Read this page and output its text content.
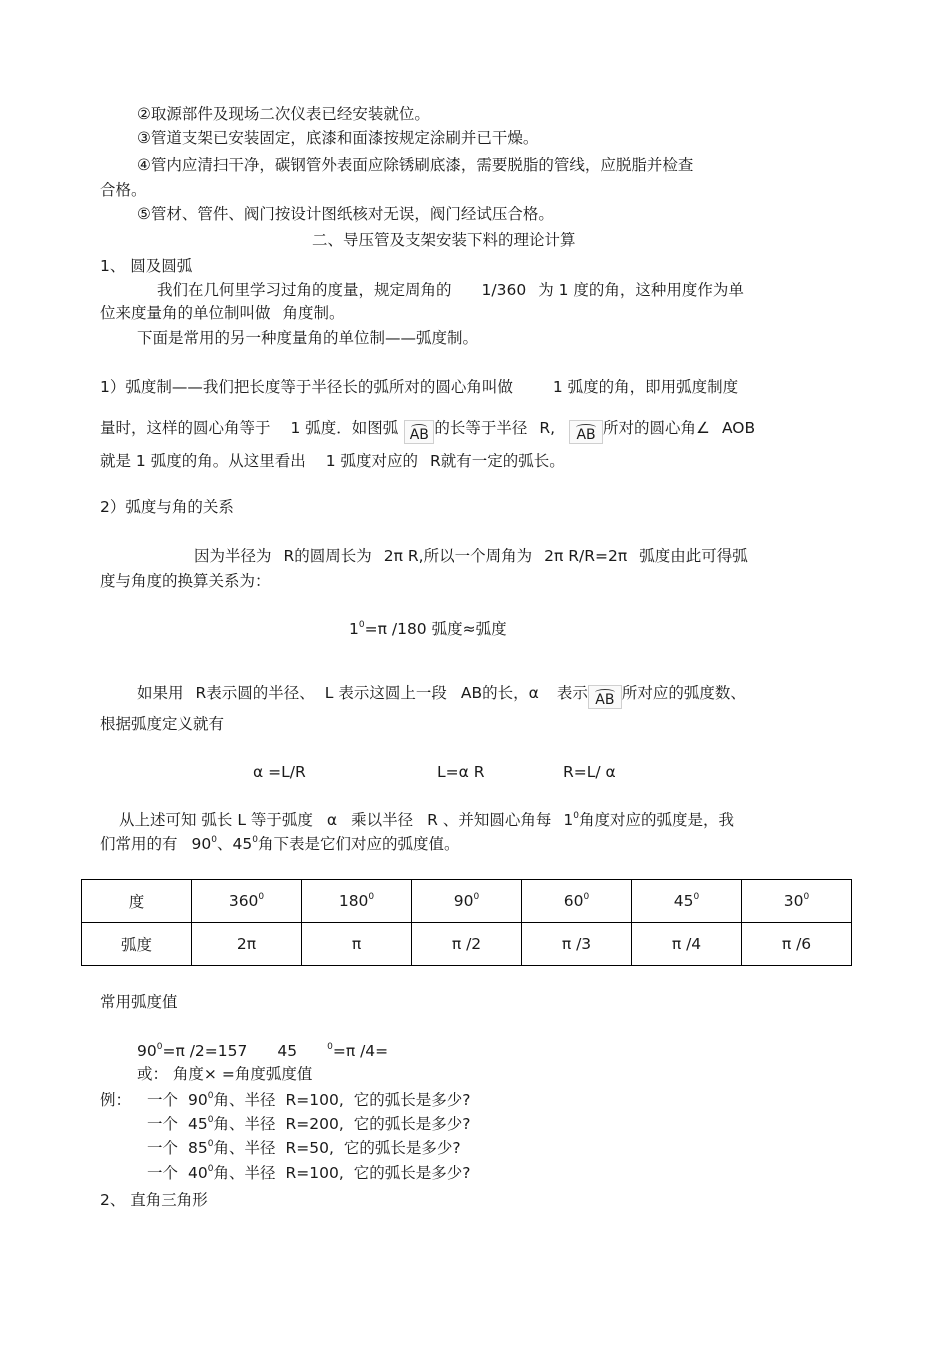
②取源部件及现场二次仪表已经安装就位。
③管道支架已安装固定，底漆和面漆按规定涂刷并已干燥。
④管内应清扫干净，碳钢管外表面应除锈刷底漆，需要脱脂的管线，应脱脂并检查
合格。
⑤管材、管件、阀门按设计图纸核对无误，阀门经试压合格。
二、导压管及支架安装下料的理论计算
1、 圆及圆弧
我们在几何里学习过角的度量，规定周角的 1/360 为 1 度的角，这种用度作为单
位来度量角的单位制叫做 角度制。
下面是常用的另一种度量角的单位制——弧度制。
1）弧度制——我们把长度等于半径长的弧所对的圆心角叫做	1 弧度的角，即用弧度制度
量时，这样的圆心角等于 1 弧度．如图弧 AB 的长等于半径 R, AB 所对的圆心角∠ AOB
就是 1 弧度的角。从这里看出 1 弧度对应的 R就有一定的弧长。
2）弧度与角的关系
因为半径为 R的圆周长为 2π R,所以一个周角为 2π R/R=2π 弧度由此可得弧
度与角度的换算关系为：
$1^0=\pi$ /180 弧度≈弧度
如果用 R表示圆的半径、 L 表示这圆上一段 AB的长，α 表示 AB 所对应的弧度数、
根据弧度定义就有
α =L/R	L=α R	R=L/ α
从上述可知 弧长 L 等于弧度 α 乘以半径 R 、并知圆心角每 $1^0$角度对应的弧度是，我
们常用的有 $90^0$、$45^0$角下表是它们对应的弧度值。
度	$360^0$	$180^0$	$90^0$	$60^0$	$45^0$	$30^0$
弧度	2π	π	π /2	π /3	π /4	π /6
常用弧度值
$90^0=\pi$ /2=157 45	$^0$=π /4=
或： 角度× =角度弧度值
例： 一个 $90^0$角、半径 R=100, 它的弧长是多少?
一个 $45^0$角、半径 R=200, 它的弧长是多少?
一个 $85^0$角、半径 R=50, 它的弧长是多少?
一个 $40^0$角、半径 R=100, 它的弧长是多少?
2、 直角三角形
